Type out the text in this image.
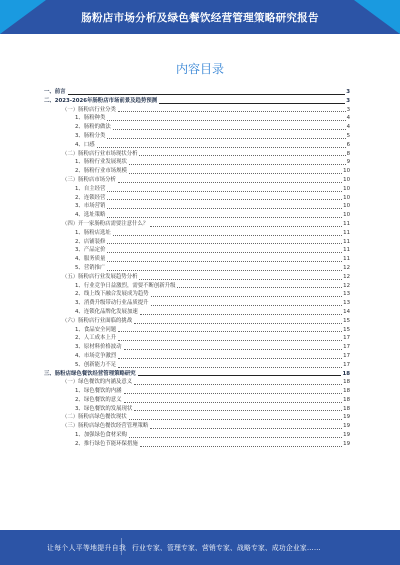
肠粉店市场分析及绿色餐饮经营管理策略研究报告
内容目录
一、前言	3
二、2023-2026年肠粉店市场前景及趋势预测	3
（一）肠粉店行业分类	3
1、肠粉种类	4
2、肠粉的做法	4
3、肠粉分类	5
4、口感	6
（二）肠粉店行业市场现状分析	8
1、肠粉行业发展现状	9
2、肠粉行业市场规模	10
（三）肠粉店市场分析	10
1、自主经营	10
2、连锁经营	10
3、市场营销	10
4、选址策略	10
（四）开一家肠粉店需要注意什么？	11
1、肠粉店选址	11
2、店铺装修	11
3、产品定价	11
4、服务质量	11
5、营销推广	12
（五）肠粉店行业发展趋势分析	12
1、行业竞争日益激烈，需要不断创新升级	12
2、线上线下融合发展成为趋势	13
3、消费升级带动行业品质提升	13
4、连锁化品牌化发展加速	14
（六）肠粉店行业面临的挑战	15
1、食品安全问题	15
2、人工成本上升	17
3、原材料价格波动	17
4、市场竞争激烈	17
5、创新能力不足	17
三、肠粉店绿色餐饮经营管理策略研究	18
（一）绿色餐饮的内涵及意义	18
1、绿色餐饮的内涵	18
2、绿色餐饮的意义	18
3、绿色餐饮的发展现状	18
（二）肠粉店绿色餐饮现状	19
（三）肠粉店绿色餐饮经营管理策略	19
1、加强绿色食材采购	19
2、推行绿色节能环保措施	19
让每个人平等地提升自我 行业专家、管理专家、营销专家、战略专家、成功企业家……
